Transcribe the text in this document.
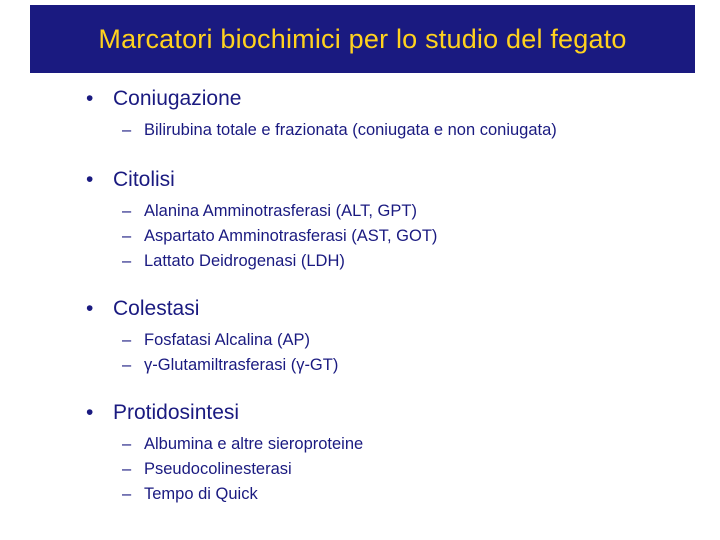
Marcatori biochimici per lo studio del fegato
• Coniugazione
– Bilirubina totale e frazionata (coniugata e non coniugata)
• Citolisi
– Alanina Amminotrasferasi (ALT, GPT)
– Aspartato Amminotrasferasi (AST, GOT)
– Lattato Deidrogenasi (LDH)
• Colestasi
– Fosfatasi Alcalina (AP)
– γ-Glutamiltrasferasi (γ-GT)
• Protidosintesi
– Albumina e altre sieroproteine
– Pseudocolinesterasi
– Tempo di Quick
